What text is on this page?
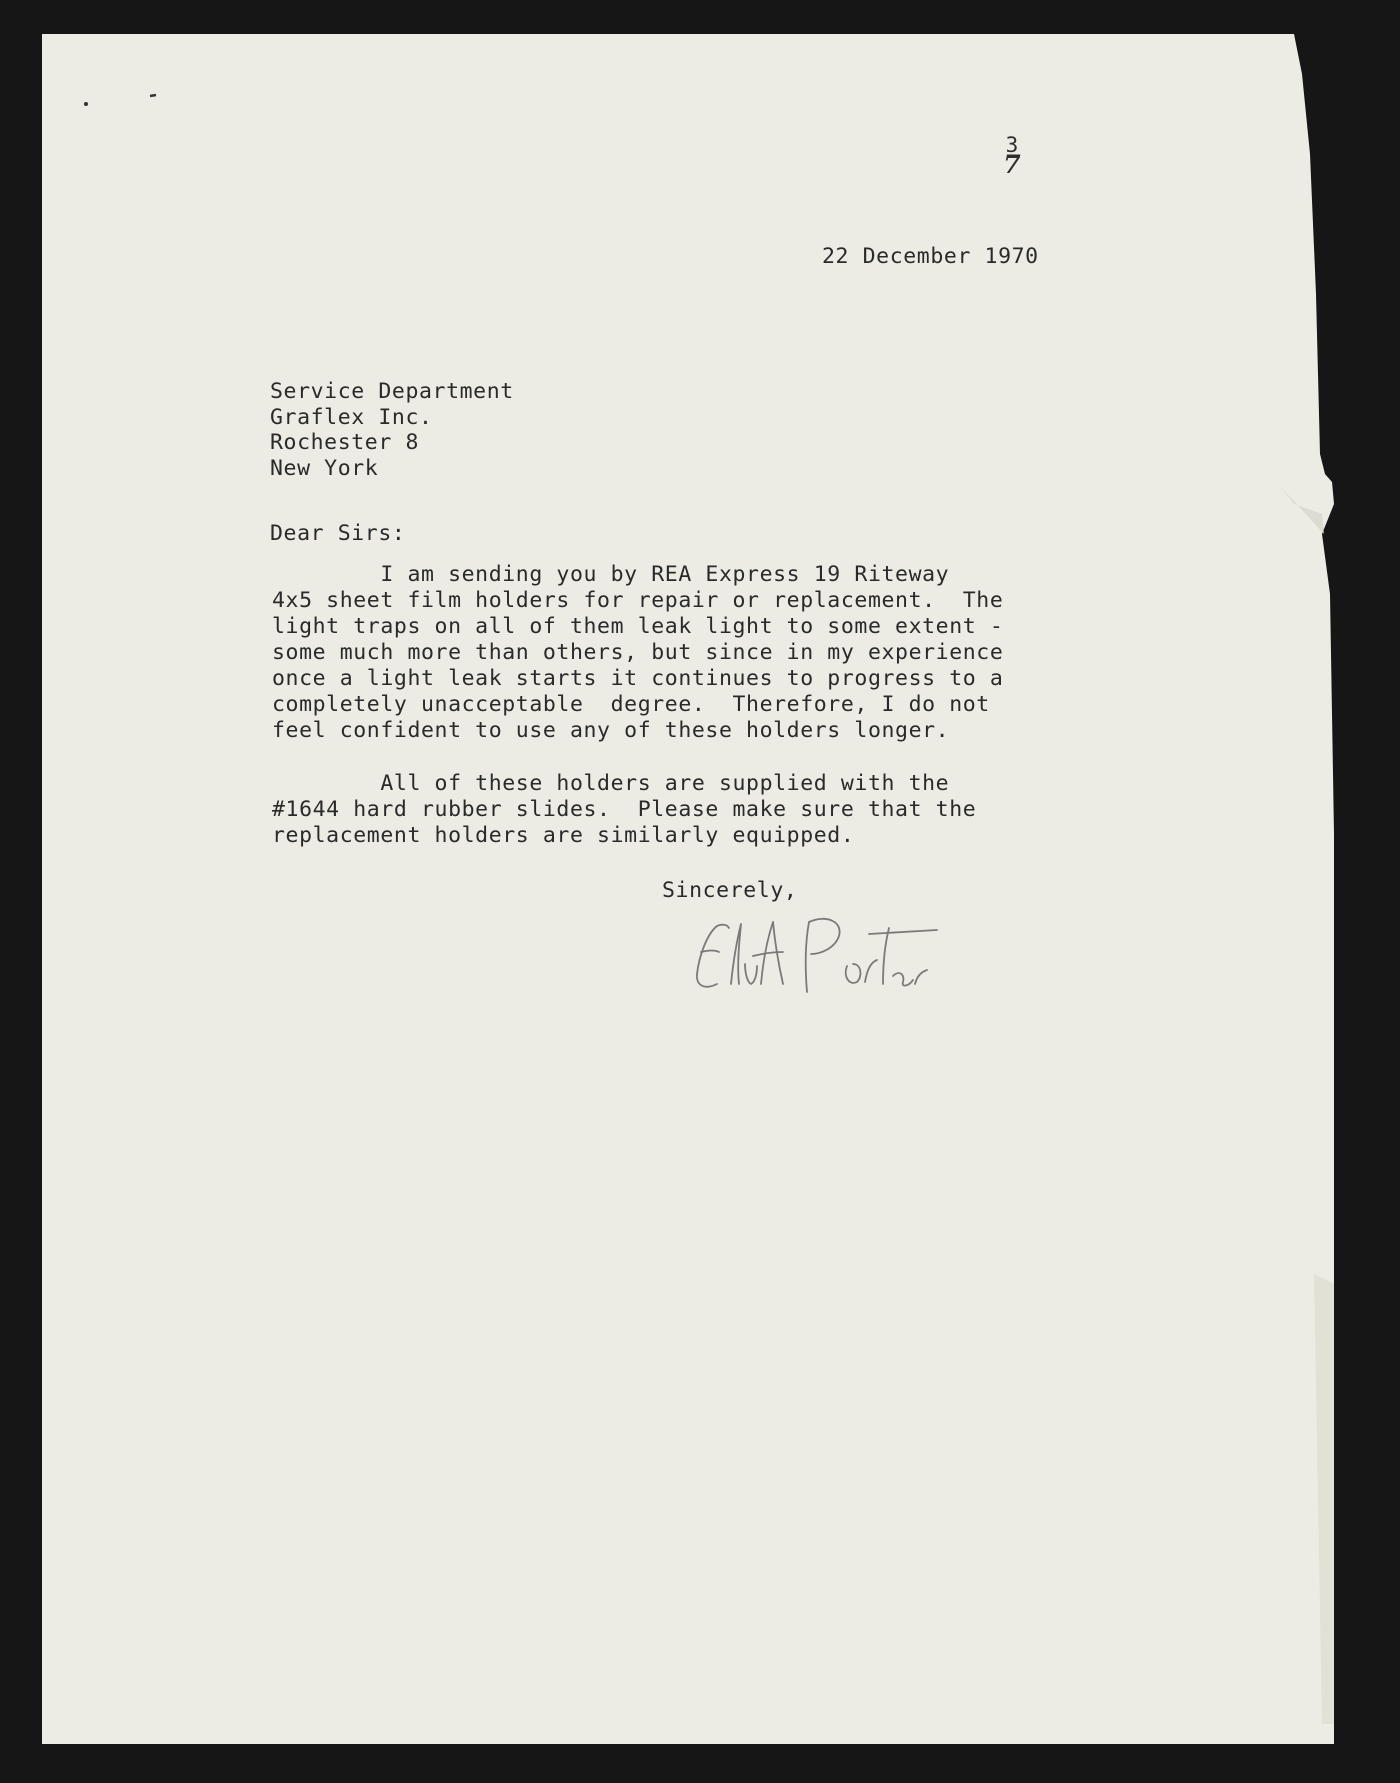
3
7

22 December 1970

Service Department

Graflex Inc.

Rochester 8

New York

Dear Sirs:

I am sending you by REA Express 19 Riteway

4x5 sheet film holders for repair or replacement.  The

light traps on all of them leak light to some extent -

some much more than others, but since in my experience

once a light leak starts it continues to progress to a

completely unacceptable  degree.  Therefore, I do not

feel confident to use any of these holders longer.

All of these holders are supplied with the

#1644 hard rubber slides.  Please make sure that the

replacement holders are similarly equipped.

Sincerely,
